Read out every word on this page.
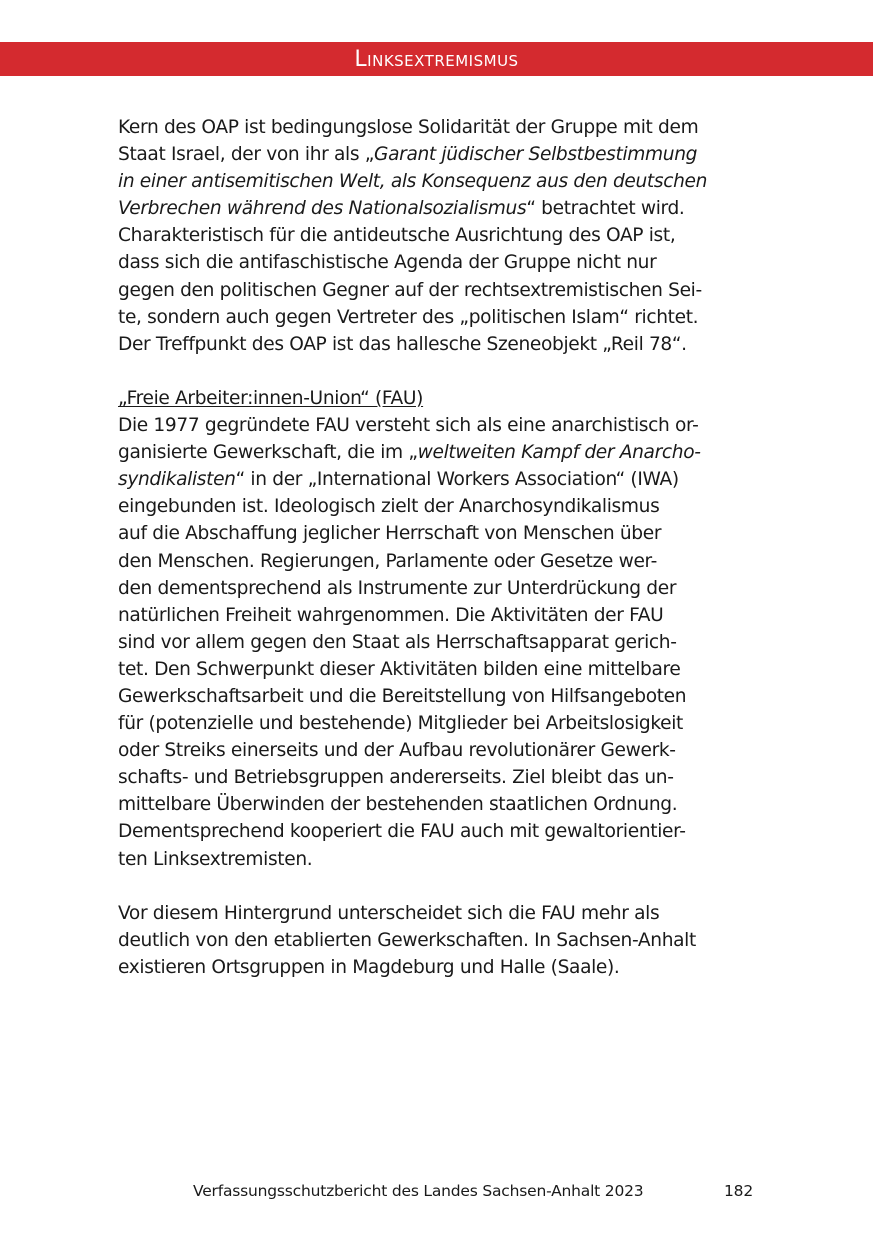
Linksextremismus
Kern des OAP ist bedingungslose Solidarität der Gruppe mit dem
Staat Israel, der von ihr als „Garant jüdischer Selbstbestimmung
in einer antisemitischen Welt, als Konsequenz aus den deutschen
Verbrechen während des Nationalsozialismus“ betrachtet wird.
Charakteristisch für die antideutsche Ausrichtung des OAP ist,
dass sich die antifaschistische Agenda der Gruppe nicht nur
gegen den politischen Gegner auf der rechtsextremistischen Sei-
te, sondern auch gegen Vertreter des „politischen Islam“ richtet.
Der Treffpunkt des OAP ist das hallesche Szeneobjekt „Reil 78“.
„Freie Arbeiter:innen-Union“ (FAU)
Die 1977 gegründete FAU versteht sich als eine anarchistisch or-
ganisierte Gewerkschaft, die im „weltweiten Kampf der Anarcho-
syndikalisten“ in der „International Workers Association“ (IWA)
eingebunden ist. Ideologisch zielt der Anarchosyndikalismus
auf die Abschaffung jeglicher Herrschaft von Menschen über
den Menschen. Regierungen, Parlamente oder Gesetze wer-
den dementsprechend als Instrumente zur Unterdrückung der
natürlichen Freiheit wahrgenommen. Die Aktivitäten der FAU
sind vor allem gegen den Staat als Herrschaftsapparat gerich-
tet. Den Schwerpunkt dieser Aktivitäten bilden eine mittelbare
Gewerkschaftsarbeit und die Bereitstellung von Hilfsangeboten
für (potenzielle und bestehende) Mitglieder bei Arbeitslosigkeit
oder Streiks einerseits und der Aufbau revolutionärer Gewerk-
schafts- und Betriebsgruppen andererseits. Ziel bleibt das un-
mittelbare Überwinden der bestehenden staatlichen Ordnung.
Dementsprechend kooperiert die FAU auch mit gewaltorientier-
ten Linksextremisten.
Vor diesem Hintergrund unterscheidet sich die FAU mehr als
deutlich von den etablierten Gewerkschaften. In Sachsen-Anhalt
existieren Ortsgruppen in Magdeburg und Halle (Saale).
Verfassungsschutzbericht des Landes Sachsen-Anhalt 2023	182
